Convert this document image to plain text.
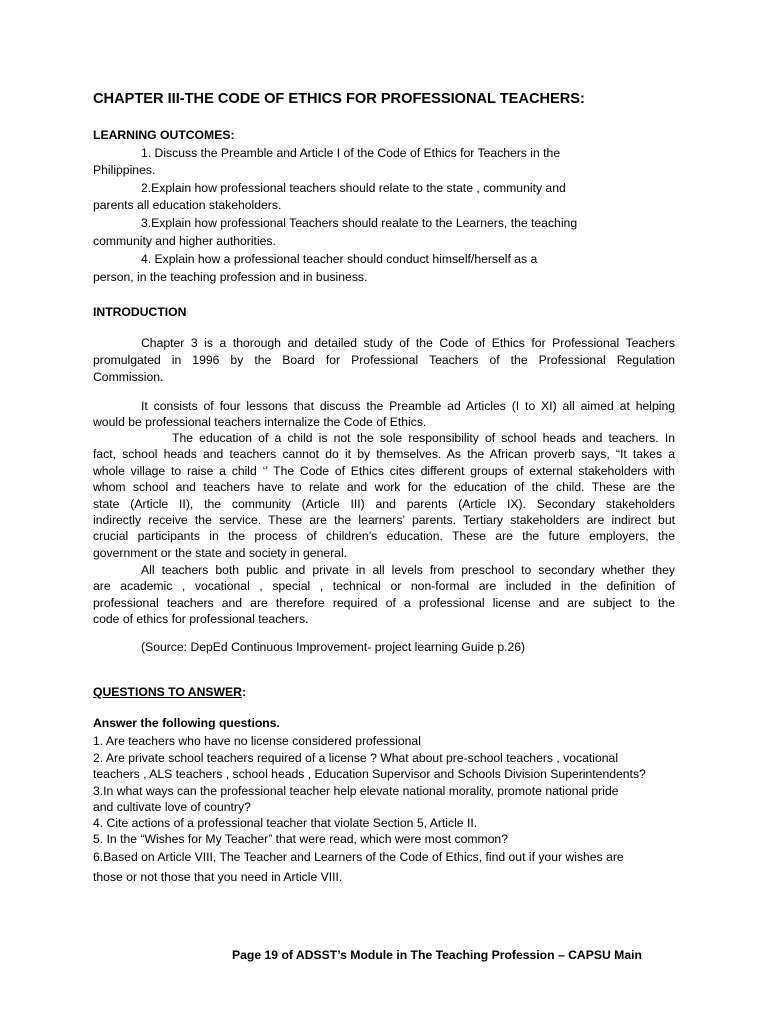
CHAPTER III-THE CODE OF ETHICS FOR PROFESSIONAL TEACHERS:
LEARNING OUTCOMES:
1. Discuss the Preamble and Article I of the Code of Ethics for Teachers in the
Philippines.
2.Explain how professional teachers should relate to the state , community and
parents all education stakeholders.
3.Explain how professional Teachers should realate to the Learners, the teaching
community and higher authorities.
4. Explain how a professional teacher should conduct himself/herself as a
person, in the teaching profession and in business.
INTRODUCTION
Chapter 3 is a thorough and detailed study of the Code of Ethics for Professional Teachers
promulgated in 1996 by the Board for Professional Teachers of the Professional Regulation
Commission.
It consists of four lessons that discuss the Preamble ad Articles (I to XI) all aimed at helping
would be professional teachers internalize the Code of Ethics.
The education of a child is not the sole responsibility of school heads and teachers. In
fact, school heads and teachers cannot do it by themselves. As the African proverb says, “It takes a
whole village to raise a child ‘’ The Code of Ethics cites different groups of external stakeholders with
whom school and teachers have to relate and work for the education of the child. These are the
state (Article II), the community (Article III) and parents (Article IX). Secondary stakeholders
indirectly receive the service. These are the learners’ parents. Tertiary stakeholders are indirect but
crucial participants in the process of children’s education. These are the future employers, the
government or the state and society in general.
All teachers both public and private in all levels from preschool to secondary whether they
are academic , vocational , special , technical or non-formal are included in the definition of
professional teachers and are therefore required of a professional license and are subject to the
code of ethics for professional teachers.
(Source: DepEd Continuous Improvement- project learning Guide p.26)
QUESTIONS TO ANSWER:
Answer the following questions.
1. Are teachers who have no license considered professional
2. Are private school teachers required of a license ? What about pre-school teachers , vocational
teachers , ALS teachers , school heads , Education Supervisor and Schools Division Superintendents?
3.In what ways can the professional teacher help elevate national morality, promote national pride
and cultivate love of country?
4. Cite actions of a professional teacher that violate Section 5, Article II.
5. In the “Wishes for My Teacher” that were read, which were most common?
6.Based on Article VIII, The Teacher and Learners of the Code of Ethics, find out if your wishes are
those or not those that you need in Article VIII.
Page 19 of ADSST’s Module in The Teaching Profession – CAPSU Main
